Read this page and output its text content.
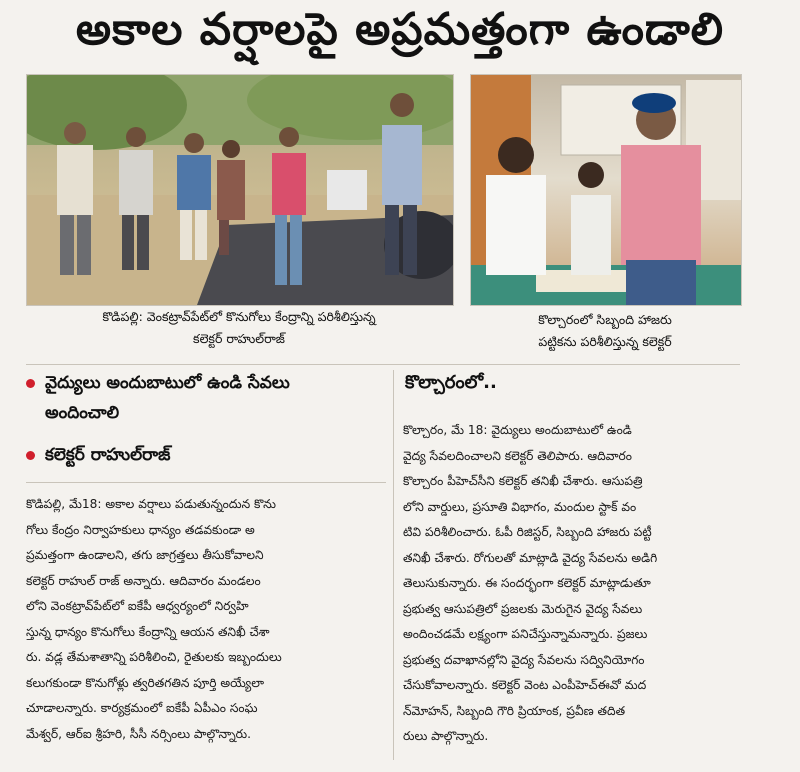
అకాల వర్షాలపై అప్రమత్తంగా ఉండాలి
కొడిపల్లి: వెంకట్రావ్‌పేట్‌లో కొనుగోలు కేంద్రాన్ని పరిశీలిస్తున్న
కలెక్టర్ రాహుల్‌రాజ్
కొల్చారంలో సిబ్బంది హాజరు
పట్టికను పరిశీలిస్తున్న కలెక్టర్
వైద్యులు అందుబాటులో ఉండి సేవలు
అందించాలి
కలెక్టర్ రాహుల్‌రాజ్
కొల్చారంలో..
కొడిపల్లి, మే18: అకాల వర్షాలు పడుతున్నందున కొను
గోలు కేంద్రం నిర్వాహకులు ధాన్యం తడవకుండా అ
ప్రమత్తంగా ఉండాలని, తగు జాగ్రత్తలు తీసుకోవాలని
కలెక్టర్ రాహుల్ రాజ్ అన్నారు. ఆదివారం మండలం
లోని వెంకట్రావ్‌పేట్‌లో ఐకేపీ ఆధ్వర్యంలో నిర్వహి
స్తున్న ధాన్యం కొనుగోలు కేంద్రాన్ని ఆయన తనిఖీ చేశా
రు. వడ్ల తేమశాతాన్ని పరిశీలించి, రైతులకు ఇబ్బందులు
కలుగకుండా కొనుగోళ్లు త్వరితగతిన పూర్తి అయ్యేలా
చూడాలన్నారు. కార్యక్రమంలో ఐకేపీ ఏపీఎం సంఘ
మేశ్వర్, ఆర్ఐ శ్రీహరి, సీసీ నర్సింలు పాల్గొన్నారు.
కొల్చారం, మే 18: వైద్యులు అందుబాటులో ఉండి
వైద్య సేవలదించాలని కలెక్టర్ తెలిపారు. ఆదివారం
కొల్చారం పీహెచ్‌సీని కలెక్టర్ తనిఖీ చేశారు. ఆసుపత్రి
లోని వార్డులు, ప్రసూతి విభాగం, మందుల స్టాక్ వం
టివి పరిశీలించారు. ఓపీ రిజిస్టర్, సిబ్బంది హాజరు పట్టీ
తనిఖీ చేశారు. రోగులతో మాట్లాడి వైద్య సేవలను అడిగి
తెలుసుకున్నారు. ఈ సందర్భంగా కలెక్టర్ మాట్లాడుతూ
ప్రభుత్వ ఆసుపత్రిలో ప్రజలకు మెరుగైన వైద్య సేవలు
అందించడమే లక్ష్యంగా పనిచేస్తున్నామన్నారు. ప్రజలు
ప్రభుత్వ దవాఖానల్లోని వైద్య సేవలను సద్వినియోగం
చేసుకోవాలన్నారు. కలెక్టర్ వెంట ఎంపీహెచ్ఈవో మద
న్‌మోహన్, సిబ్బంది గౌరి ప్రియాంక, ప్రవీణ తదిత
రులు పాల్గొన్నారు.
